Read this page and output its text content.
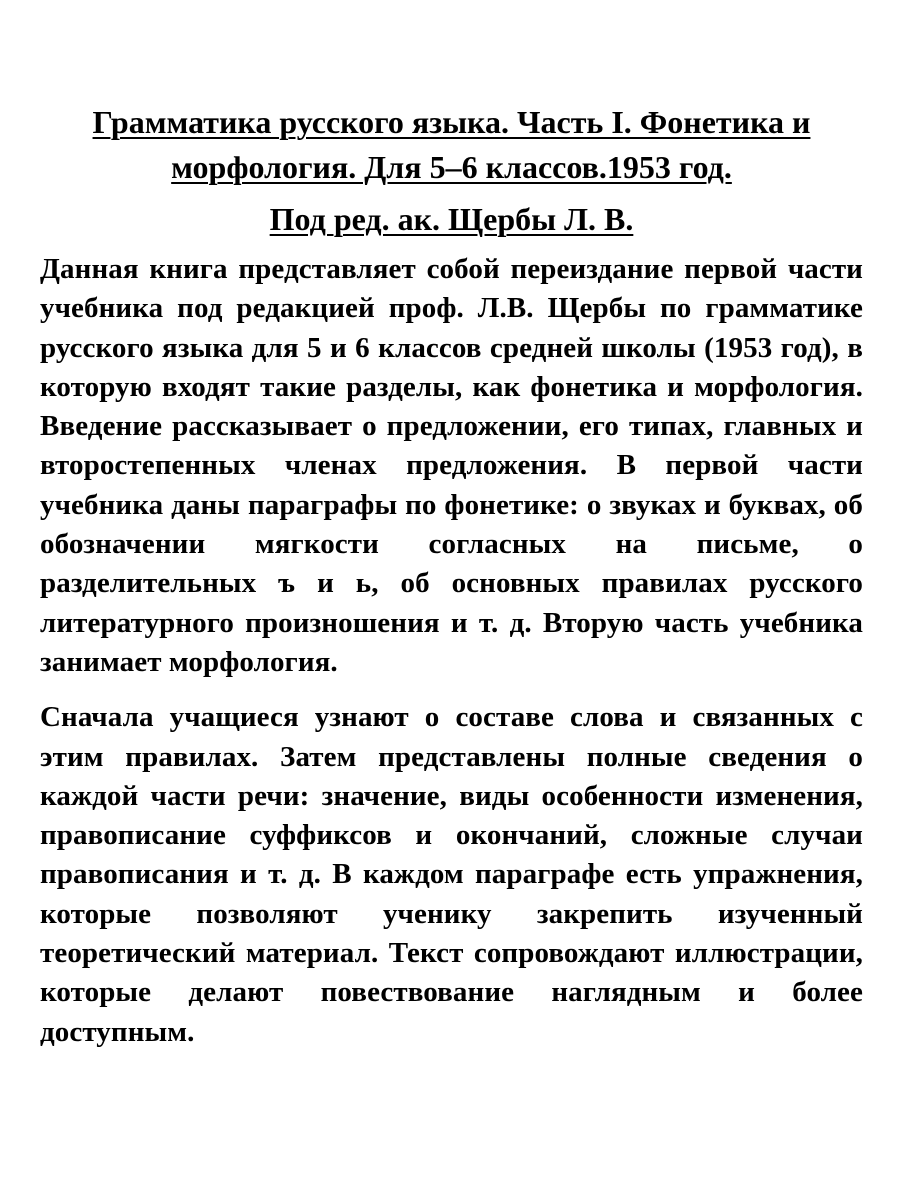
Грамматика русского языка. Часть I. Фонетика и морфология. Для 5–6 классов.1953 год.
Под ред. ак. Щербы Л. В.

Данная книга представляет собой переиздание первой части учебника под редакцией проф. Л.В. Щербы по грамматике русского языка для 5 и 6 классов средней школы (1953 год), в которую входят такие разделы, как фонетика и морфология. Введение рассказывает о предложении, его типах, главных и второстепенных членах предложения. В первой части учебника даны параграфы по фонетике: о звуках и буквах, об обозначении мягкости согласных на письме, о разделительных ъ и ь, об основных правилах русского литературного произношения и т. д. Вторую часть учебника занимает морфология.

Сначала учащиеся узнают о составе слова и связанных с этим правилах. Затем представлены полные сведения о каждой части речи: значение, виды особенности изменения, правописание суффиксов и окончаний, сложные случаи правописания и т. д. В каждом параграфе есть упражнения, которые позволяют ученику закрепить изученный теоретический материал. Текст сопровождают иллюстрации, которые делают повествование наглядным и более доступным.
